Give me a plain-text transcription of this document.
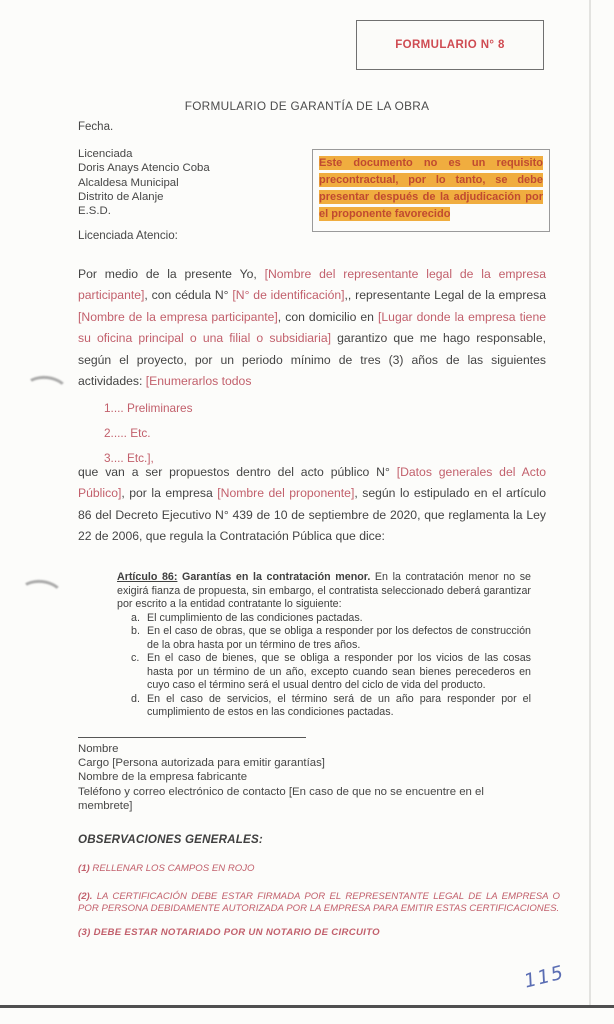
FORMULARIO N° 8
FORMULARIO DE GARANTÍA DE LA OBRA
Fecha.
Licenciada
Doris Anays Atencio Coba
Alcaldesa Municipal
Distrito de Alanje
E.S.D.
Este documento no es un requisito precontractual, por lo tanto, se debe presentar después de la adjudicación por el proponente favorecido
Licenciada Atencio:
Por medio de la presente Yo, [Nombre del representante legal de la empresa participante], con cédula N° [N° de identificación],, representante Legal de la empresa [Nombre de la empresa participante], con domicilio en [Lugar donde la empresa tiene su oficina principal o una filial o subsidiaria] garantizo que me hago responsable, según el proyecto, por un periodo mínimo de tres (3) años de las siguientes actividades: [Enumerarlos todos
1.... Preliminares
2..... Etc.
3.... Etc.],
que van a ser propuestos dentro del acto público N° [Datos generales del Acto Público], por la empresa [Nombre del proponente], según lo estipulado en el artículo 86 del Decreto Ejecutivo N° 439 de 10 de septiembre de 2020, que reglamenta la Ley 22 de 2006, que regula la Contratación Pública que dice:
Artículo 86: Garantías en la contratación menor. En la contratación menor no se exigirá fianza de propuesta, sin embargo, el contratista seleccionado deberá garantizar por escrito a la entidad contratante lo siguiente:
a. El cumplimiento de las condiciones pactadas.
b. En el caso de obras, que se obliga a responder por los defectos de construcción de la obra hasta por un término de tres años.
c. En el caso de bienes, que se obliga a responder por los vicios de las cosas hasta por un término de un año, excepto cuando sean bienes perecederos en cuyo caso el término será el usual dentro del ciclo de vida del producto.
d. En el caso de servicios, el término será de un año para responder por el cumplimiento de estos en las condiciones pactadas.
Nombre
Cargo [Persona autorizada para emitir garantías]
Nombre de la empresa fabricante
Teléfono y correo electrónico de contacto [En caso de que no se encuentre en el membrete]
OBSERVACIONES GENERALES:
(1) RELLENAR LOS CAMPOS EN ROJO
(2). LA CERTIFICACIÓN DEBE ESTAR FIRMADA POR EL REPRESENTANTE LEGAL DE LA EMPRESA O POR PERSONA DEBIDAMENTE AUTORIZADA POR LA EMPRESA PARA EMITIR ESTAS CERTIFICACIONES.
(3) DEBE ESTAR NOTARIADO POR UN NOTARIO DE CIRCUITO
115
